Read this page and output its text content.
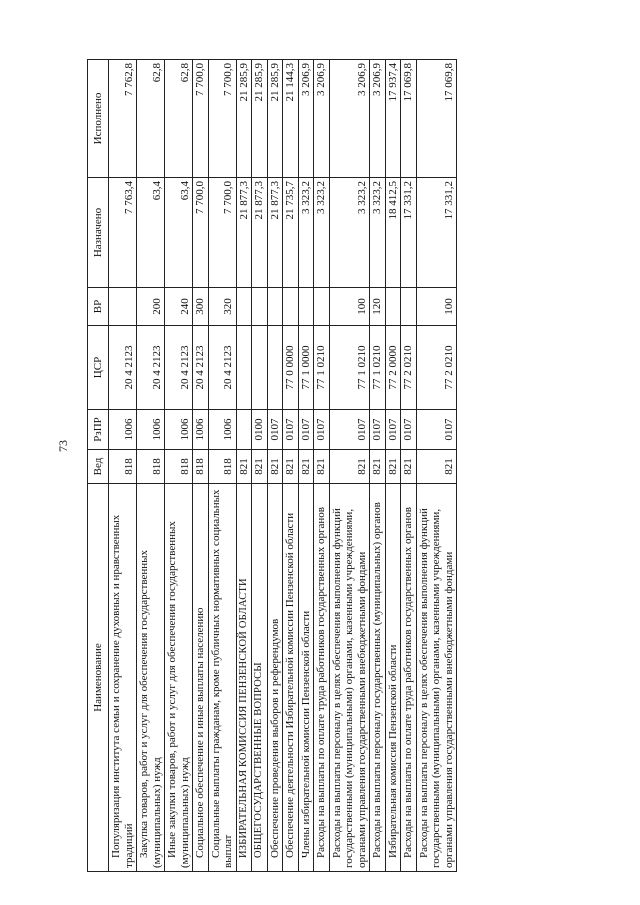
73
Наименование	Вед	РзПР	ЦСР	ВР	Назначено	Исполнено

Популяризация института семьи и сохранение духовных и нравственных традиций	818	1006	20 4 2123		7 763,4	7 762,8

Закупка товаров, работ и услуг для обеспечения государственных (муниципальных) нужд	818	1006	20 4 2123	200	63,4	62,8

Иные закупки товаров, работ и услуг для обеспечения государственных (муниципальных) нужд	818	1006	20 4 2123	240	63,4	62,8

Социальное обеспечение и иные выплаты населению	818	1006	20 4 2123	300	7 700,0	7 700,0

Социальные выплаты гражданам, кроме публичных нормативных социальных выплат	818	1006	20 4 2123	320	7 700,0	7 700,0

ИЗБИРАТЕЛЬНАЯ КОМИССИЯ ПЕНЗЕНСКОЙ ОБЛАСТИ	821				21 877,3	21 285,9

ОБЩЕГОСУДАРСТВЕННЫЕ ВОПРОСЫ	821	0100			21 877,3	21 285,9

Обеспечение проведения выборов и референдумов	821	0107			21 877,3	21 285,9

Обеспечение деятельности Избирательной комиссии Пензенской области	821	0107	77 0 0000		21 735,7	21 144,3

Члены избирательной комиссии Пензенской области	821	0107	77 1 0000		3 323,2	3 206,9

Расходы на выплаты по оплате труда работников государственных органов	821	0107	77 1 0210		3 323,2	3 206,9

Расходы на выплаты персоналу в целях обеспечения выполнения функций государственными (муниципальными) органами, казенными учреждениями, органами управления государственными внебюджетными фондами	821	0107	77 1 0210	100	3 323,2	3 206,9

Расходы на выплаты персоналу государственных (муниципальных) органов	821	0107	77 1 0210	120	3 323,2	3 206,9

Избирательная комиссия Пензенской области	821	0107	77 2 0000		18 412,5	17 937,4

Расходы на выплаты по оплате труда работников государственных органов	821	0107	77 2 0210		17 331,2	17 069,8

Расходы на выплаты персоналу в целях обеспечения выполнения функций государственными (муниципальными) органами, казенными учреждениями, органами управления государственными внебюджетными фондами	821	0107	77 2 0210	100	17 331,2	17 069,8
